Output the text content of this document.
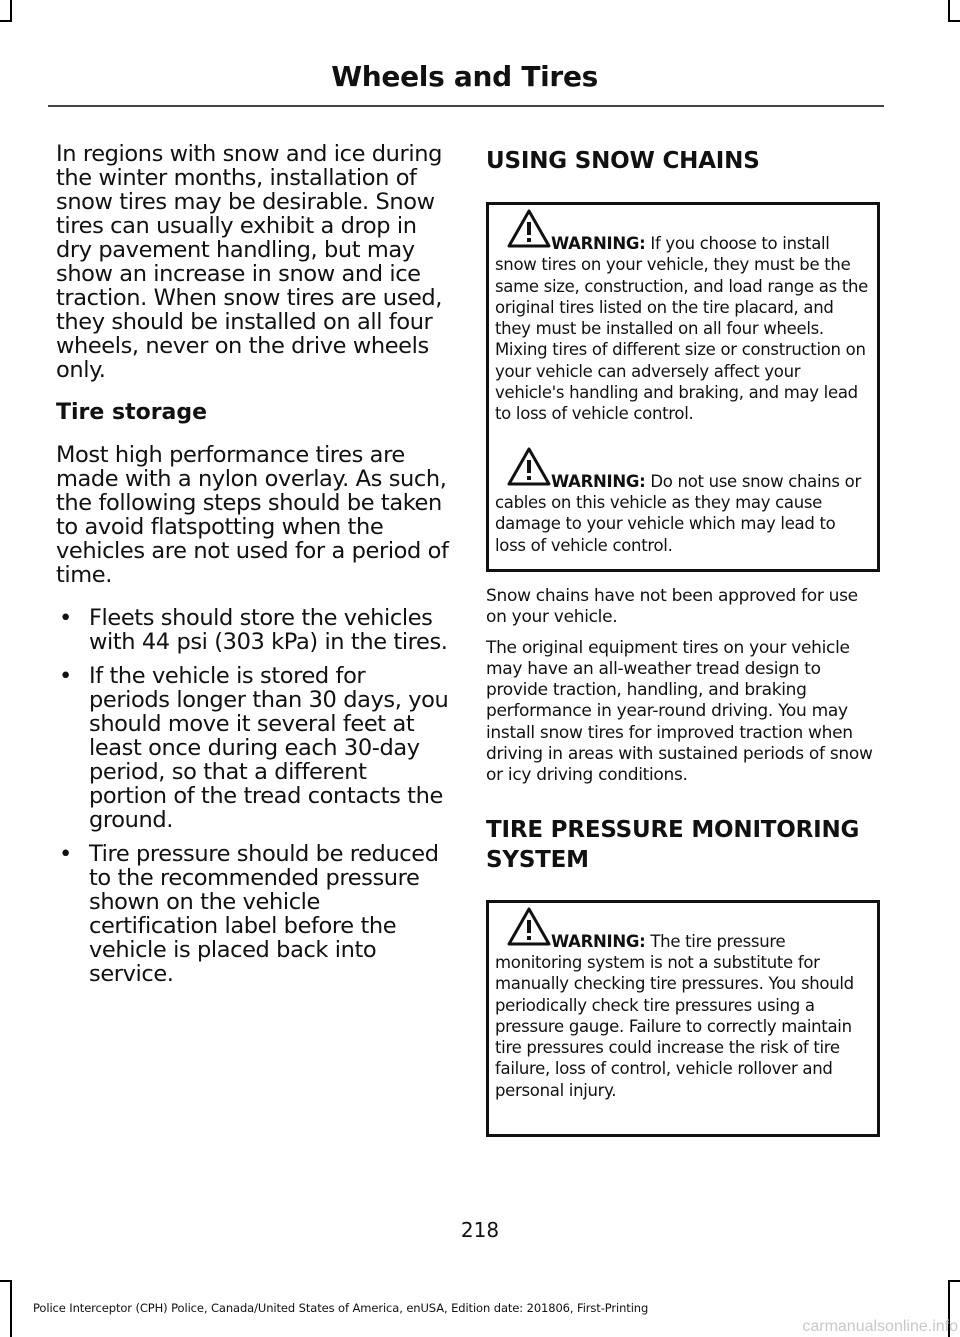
Wheels and Tires

In regions with snow and ice during the winter months, installation of snow tires may be desirable. Snow tires can usually exhibit a drop in dry pavement handling, but may show an increase in snow and ice traction. When snow tires are used, they should be installed on all four wheels, never on the drive wheels only.

Tire storage

Most high performance tires are made with a nylon overlay. As such, the following steps should be taken to avoid flatspotting when the vehicles are not used for a period of time.

• Fleets should store the vehicles with 44 psi (303 kPa) in the tires.
• If the vehicle is stored for periods longer than 30 days, you should move it several feet at least once during each 30-day period, so that a different portion of the tread contacts the ground.
• Tire pressure should be reduced to the recommended pressure shown on the vehicle certification label before the vehicle is placed back into service.
USING SNOW CHAINS
WARNING: If you choose to install snow tires on your vehicle, they must be the same size, construction, and load range as the original tires listed on the tire placard, and they must be installed on all four wheels. Mixing tires of different size or construction on your vehicle can adversely affect your vehicle's handling and braking, and may lead to loss of vehicle control.
WARNING: Do not use snow chains or cables on this vehicle as they may cause damage to your vehicle which may lead to loss of vehicle control.

Snow chains have not been approved for use on your vehicle.

The original equipment tires on your vehicle may have an all-weather tread design to provide traction, handling, and braking performance in year-round driving. You may install snow tires for improved traction when driving in areas with sustained periods of snow or icy driving conditions.

TIRE PRESSURE MONITORING
SYSTEM
WARNING: The tire pressure monitoring system is not a substitute for manually checking tire pressures. You should periodically check tire pressures using a pressure gauge. Failure to correctly maintain tire pressures could increase the risk of tire failure, loss of control, vehicle rollover and personal injury.
218
Police Interceptor (CPH) Police, Canada/United States of America, enUSA, Edition date: 201806, First-Printing
carmanualsonline.info
